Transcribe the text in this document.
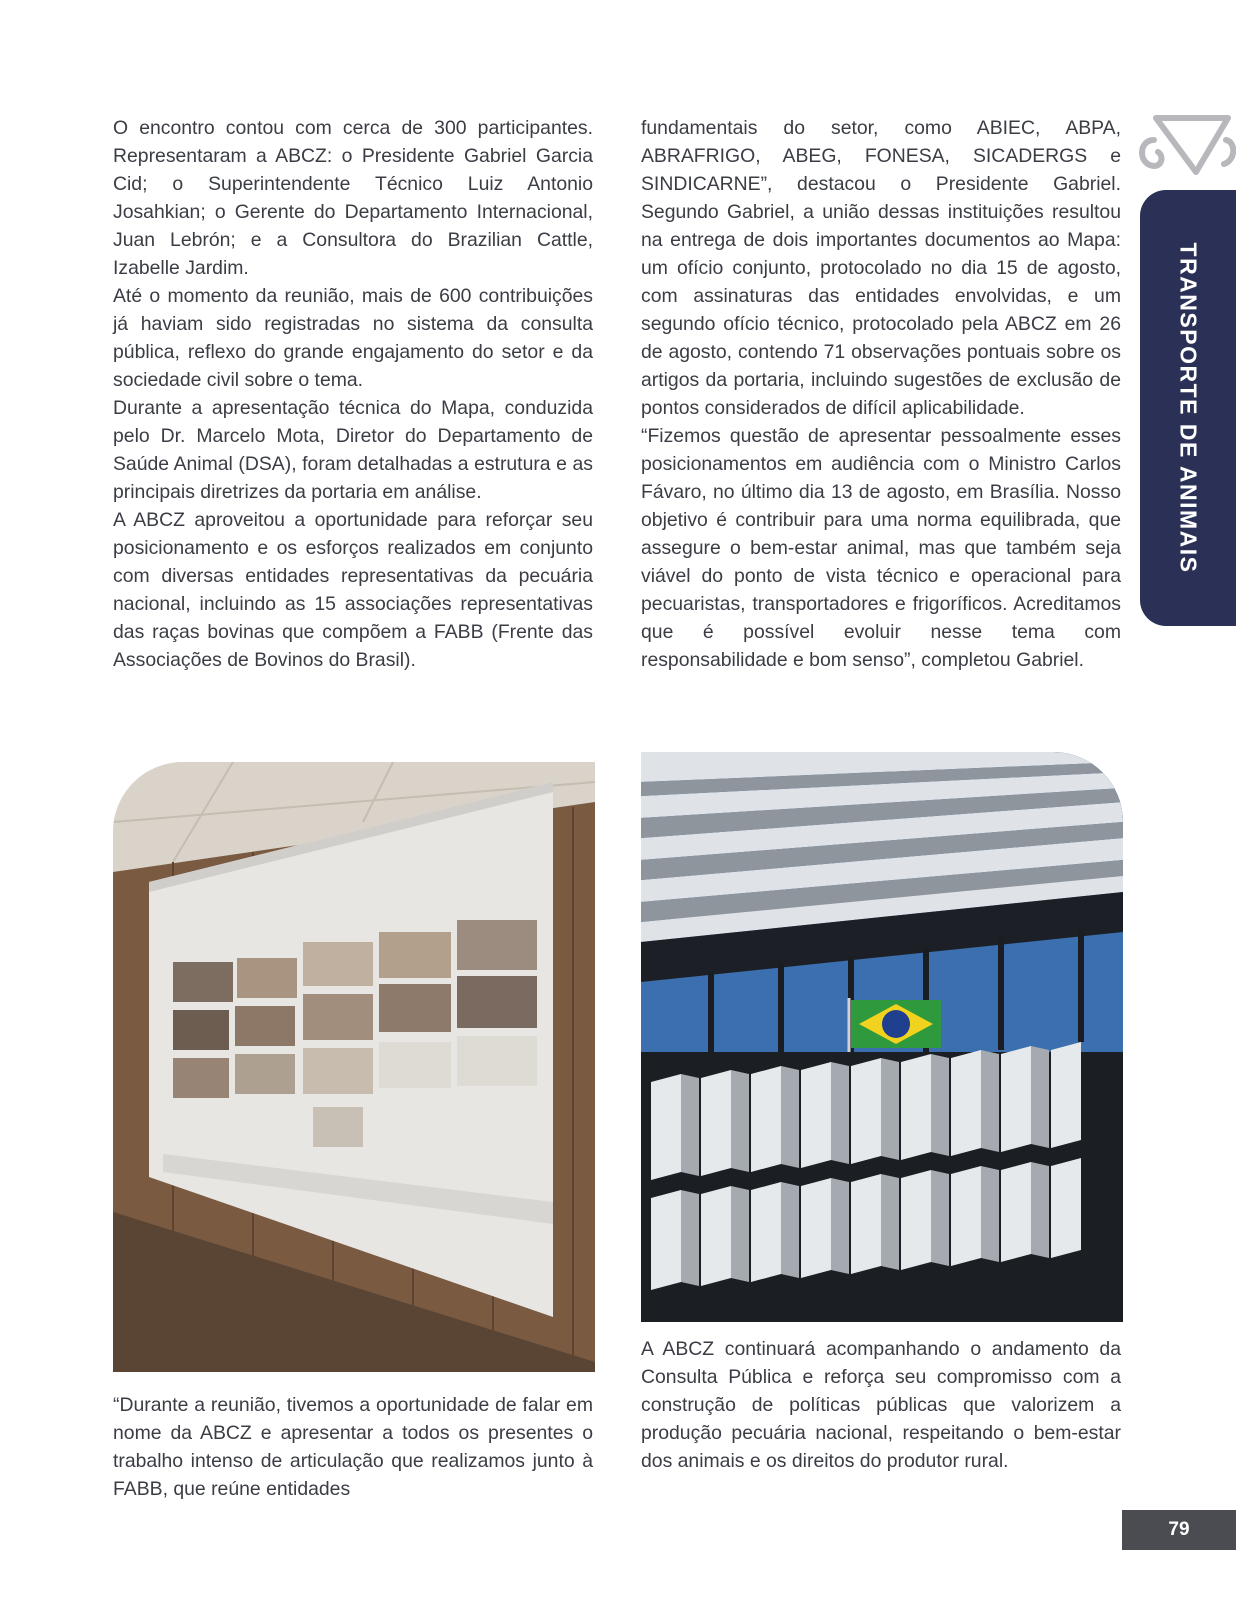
TRANSPORTE DE ANIMAIS

O encontro contou com cerca de 300 participantes. Representaram a ABCZ: o Presidente Gabriel Garcia Cid; o Superintendente Técnico Luiz Antonio Josahkian; o Gerente do Departamento Internacional, Juan Lebrón; e a Consultora do Brazilian Cattle, Izabelle Jardim.

Até o momento da reunião, mais de 600 contribuições já haviam sido registradas no sistema da consulta pública, reflexo do grande engajamento do setor e da sociedade civil sobre o tema.

Durante a apresentação técnica do Mapa, conduzida pelo Dr. Marcelo Mota, Diretor do Departamento de Saúde Animal (DSA), foram detalhadas a estrutura e as principais diretrizes da portaria em análise.

A ABCZ aproveitou a oportunidade para reforçar seu posicionamento e os esforços realizados em conjunto com diversas entidades representativas da pecuária nacional, incluindo as 15 associações representativas das raças bovinas que compõem a FABB (Frente das Associações de Bovinos do Brasil).

fundamentais do setor, como ABIEC, ABPA, ABRAFRIGO, ABEG, FONESA, SICADERGS e SINDICARNE”, destacou o Presidente Gabriel. Segundo Gabriel, a união dessas instituições resultou na entrega de dois importantes documentos ao Mapa: um ofício conjunto, protocolado no dia 15 de agosto, com assinaturas das entidades envolvidas, e um segundo ofício técnico, protocolado pela ABCZ em 26 de agosto, contendo 71 observações pontuais sobre os artigos da portaria, incluindo sugestões de exclusão de pontos considerados de difícil aplicabilidade.

“Fizemos questão de apresentar pessoalmente esses posicionamentos em audiência com o Ministro Carlos Fávaro, no último dia 13 de agosto, em Brasília. Nosso objetivo é contribuir para uma norma equilibrada, que assegure o bem-estar animal, mas que também seja viável do ponto de vista técnico e operacional para pecuaristas, transportadores e frigoríficos. Acreditamos que é possível evoluir nesse tema com responsabilidade e bom senso”, completou Gabriel.

“Durante a reunião, tivemos a oportunidade de falar em nome da ABCZ e apresentar a todos os presentes o trabalho intenso de articulação que realizamos junto à FABB, que reúne entidades

A ABCZ continuará acompanhando o andamento da Consulta Pública e reforça seu compromisso com a construção de políticas públicas que valorizem a produção pecuária nacional, respeitando o bem-estar dos animais e os direitos do produtor rural.

79
